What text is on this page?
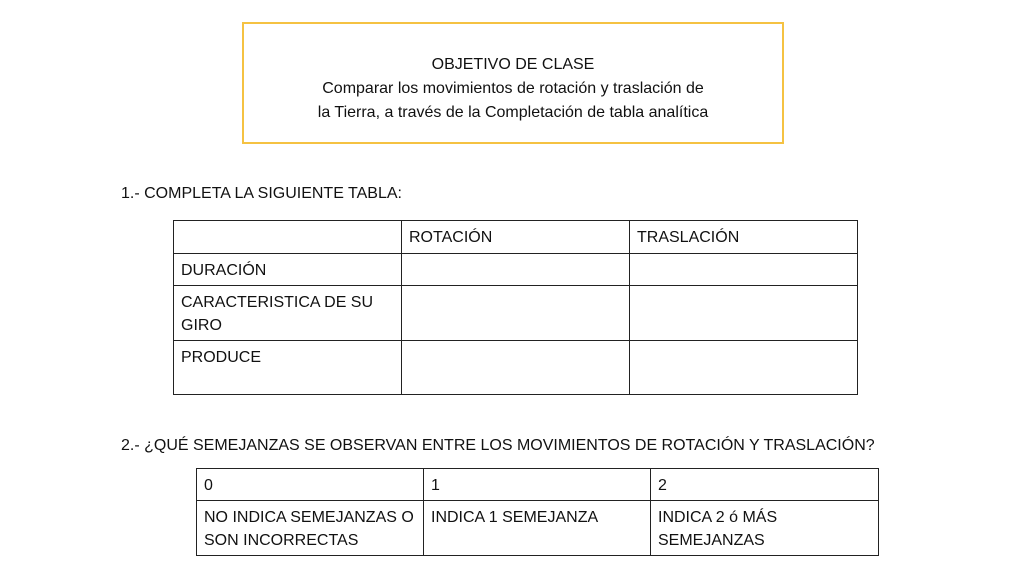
OBJETIVO DE CLASE
Comparar los movimientos de rotación y traslación de
la Tierra, a través de la Completación de tabla analítica
1.- COMPLETA LA SIGUIENTE TABLA:
	ROTACIÓN	TRASLACIÓN
DURACIÓN		
CARACTERISTICA DE SU GIRO		
PRODUCE		
2.- ¿QUÉ SEMEJANZAS SE OBSERVAN ENTRE LOS MOVIMIENTOS DE ROTACIÓN Y TRASLACIÓN?
0	1	2
NO INDICA SEMEJANZAS O SON INCORRECTAS	INDICA 1 SEMEJANZA	INDICA 2 ó MÁS SEMEJANZAS
